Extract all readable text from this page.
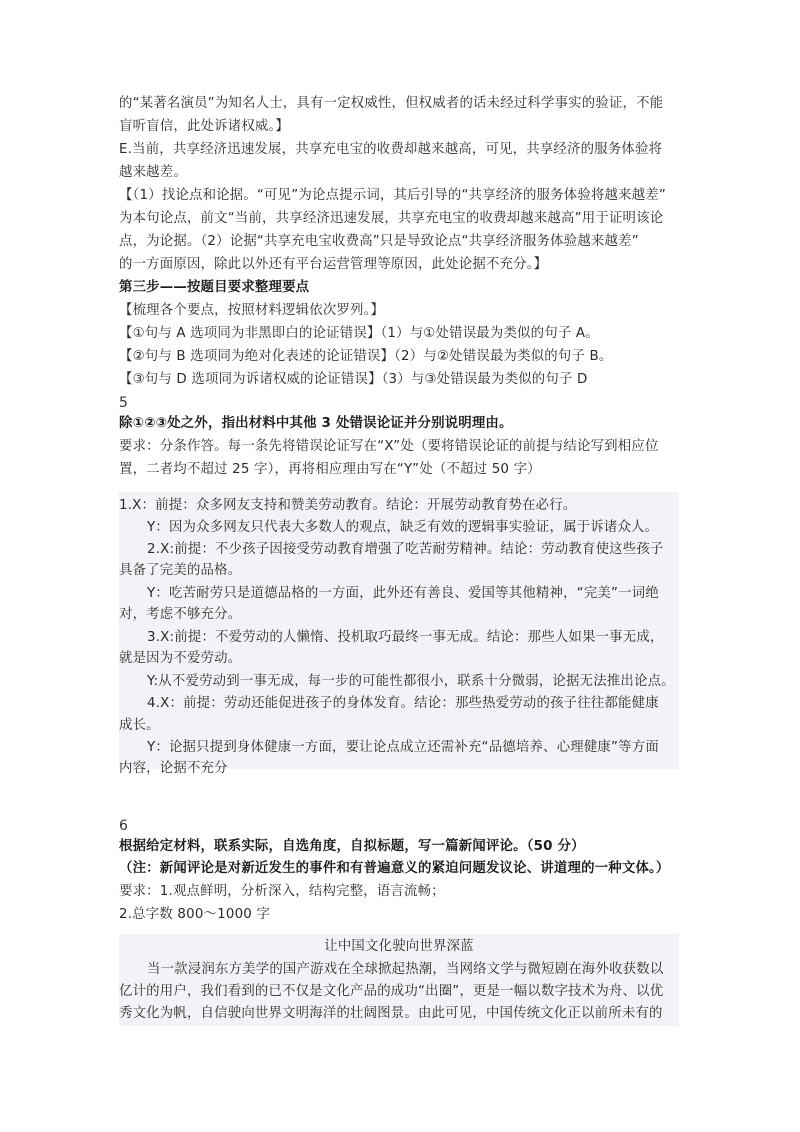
的“某著名演员”为知名人士，具有一定权威性，但权威者的话未经过科学事实的验证，不能
盲听盲信，此处诉诸权威。】
E.当前，共享经济迅速发展，共享充电宝的收费却越来越高，可见，共享经济的服务体验将
越来越差。
【（1）找论点和论据。“可见”为论点提示词，其后引导的“共享经济的服务体验将越来越差”
为本句论点，前文“当前，共享经济迅速发展，共享充电宝的收费却越来越高”用于证明该论
点，为论据。（2）论据“共享充电宝收费高”只是导致论点“共享经济服务体验越来越差”
的一方面原因，除此以外还有平台运营管理等原因，此处论据不充分。】
第三步——按题目要求整理要点
【梳理各个要点，按照材料逻辑依次罗列。】
【①句与 A 选项同为非黑即白的论证错误】（1）与①处错误最为类似的句子 A。
【②句与 B 选项同为绝对化表述的论证错误】（2）与②处错误最为类似的句子 B。
【③句与 D 选项同为诉诸权威的论证错误】（3）与③处错误最为类似的句子 D
5
除①②③处之外，指出材料中其他 3 处错误论证并分别说明理由。
要求：分条作答。每一条先将错误论证写在“X”处（要将错误论证的前提与结论写到相应位
置，二者均不超过 25 字），再将相应理由写在“Y”处（不超过 50 字）
1.X：前提：众多网友支持和赞美劳动教育。结论：开展劳动教育势在必行。
Y：因为众多网友只代表大多数人的观点，缺乏有效的逻辑事实验证，属于诉诸众人。
2.X:前提：不少孩子因接受劳动教育增强了吃苦耐劳精神。结论：劳动教育使这些孩子
具备了完美的品格。
Y：吃苦耐劳只是道德品格的一方面，此外还有善良、爱国等其他精神，“完美”一词绝
对，考虑不够充分。
3.X:前提：不爱劳动的人懒惰、投机取巧最终一事无成。结论：那些人如果一事无成，
就是因为不爱劳动。
Y:从不爱劳动到一事无成，每一步的可能性都很小，联系十分微弱，论据无法推出论点。
4.X：前提：劳动还能促进孩子的身体发育。结论：那些热爱劳动的孩子往往都能健康
成长。
Y：论据只提到身体健康一方面，要让论点成立还需补充“品德培养、心理健康”等方面
内容，论据不充分
6
根据给定材料，联系实际，自选角度，自拟标题，写一篇新闻评论。（50 分）
（注：新闻评论是对新近发生的事件和有普遍意义的紧迫问题发议论、讲道理的一种文体。）
要求：1.观点鲜明，分析深入，结构完整，语言流畅；
2.总字数 800～1000 字
让中国文化驶向世界深蓝
当一款浸润东方美学的国产游戏在全球掀起热潮，当网络文学与微短剧在海外收获数以
亿计的用户，我们看到的已不仅是文化产品的成功“出圈”，更是一幅以数字技术为舟、以优
秀文化为帆，自信驶向世界文明海洋的壮阔图景。由此可见，中国传统文化正以前所未有的
